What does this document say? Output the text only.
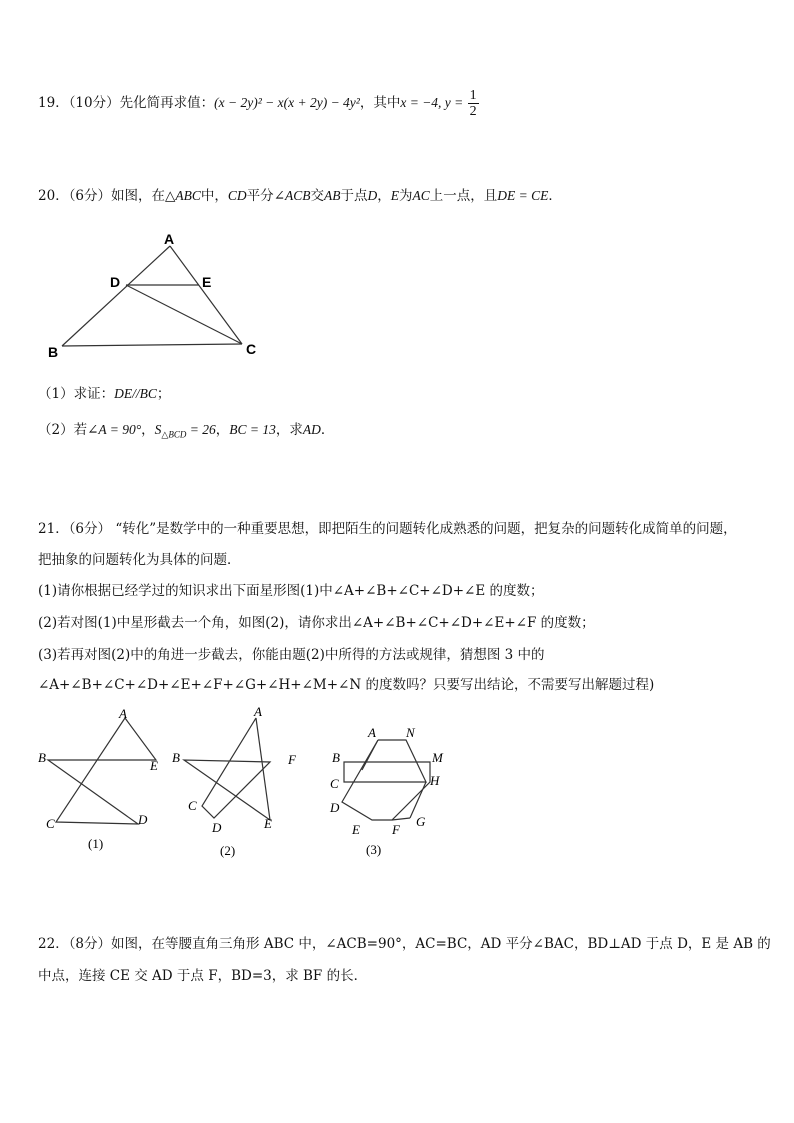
19．（10分）先化简再求值：(x − 2y)² − x(x + 2y) − 4y²，其中x = −4, $y = \frac{1}{2}$
20．（6分）如图，在△ABC中，CD平分∠ACB交AB于点D，E为AC上一点，且DE = CE．
A
D	E
B	C
（1）求证：DE//BC；
（2）若∠A = 90°，$S_{\triangle BCD} = 26$，BC = 13，求AD．
21．（6分） “转化”是数学中的一种重要思想，即把陌生的问题转化成熟悉的问题，把复杂的问题转化成简单的问题，
把抽象的问题转化为具体的问题．
(1)请你根据已经学过的知识求出下面星形图(1)中∠A+∠B+∠C+∠D+∠E 的度数；
(2)若对图(1)中星形截去一个角，如图(2)，请你求出∠A+∠B+∠C+∠D+∠E+∠F 的度数；
(3)若再对图(2)中的角进一步截去，你能由题(2)中所得的方法或规律，猜想图 3 中的
∠A+∠B+∠C+∠D+∠E+∠F+∠G+∠H+∠M+∠N 的度数吗？只要写出结论，不需要写出解题过程)
A
B
E
C	D
(1)
A
B	F
C
D	E
(2)
A N
B	M
C	H
D
E F
G
(3)
22．（8分）如图，在等腰直角三角形 ABC 中，∠ACB=90°，AC=BC，AD 平分∠BAC，BD⊥AD 于点 D，E 是 AB 的
中点，连接 CE 交 AD 于点 F，BD=3，求 BF 的长．
